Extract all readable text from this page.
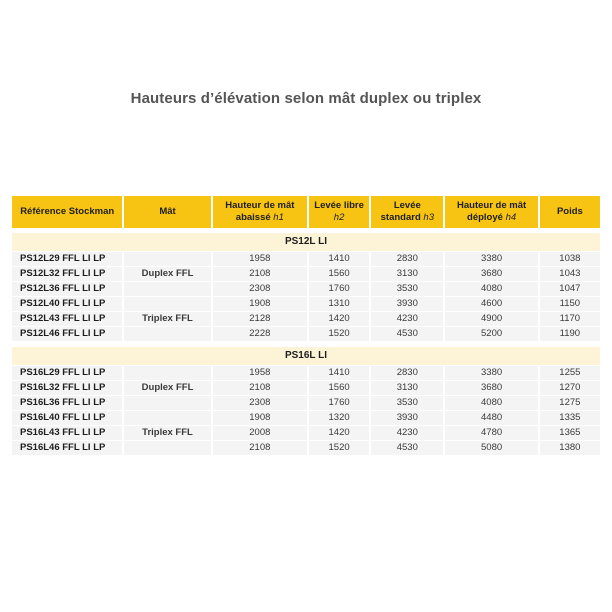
Hauteurs d’élévation selon mât duplex ou triplex
Référence Stockman	Mât	Hauteur de mât abaissé h1	Levée libre h2	Levée standard h3	Hauteur de mât déployé h4	Poids

PS12L LI						
PS12L29 FFL LI LP		1958	1410	2830	3380	1038
PS12L32 FFL LI LP	Duplex FFL	2108	1560	3130	3680	1043
PS12L36 FFL LI LP		2308	1760	3530	4080	1047
PS12L40 FFL LI LP		1908	1310	3930	4600	1150
PS12L43 FFL LI LP	Triplex FFL	2128	1420	4230	4900	1170
PS12L46 FFL LI LP		2228	1520	4530	5200	1190

PS16L LI						
PS16L29 FFL LI LP		1958	1410	2830	3380	1255
PS16L32 FFL LI LP	Duplex FFL	2108	1560	3130	3680	1270
PS16L36 FFL LI LP		2308	1760	3530	4080	1275
PS16L40 FFL LI LP		1908	1320	3930	4480	1335
PS16L43 FFL LI LP	Triplex FFL	2008	1420	4230	4780	1365
PS16L46 FFL LI LP		2108	1520	4530	5080	1380
